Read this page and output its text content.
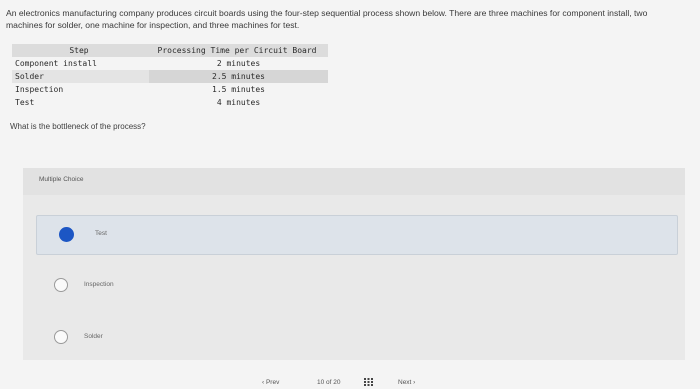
An electronics manufacturing company produces circuit boards using the four-step sequential process shown below. There are three machines for component install, two machines for solder, one machine for inspection, and three machines for test.
Step	Processing Time per Circuit Board
Component install	2 minutes
Solder	2.5 minutes
Inspection	1.5 minutes
Test	4 minutes
What is the bottleneck of the process?
Multiple Choice
Test
Inspection
Solder
‹ Prev	10 of 20	Next ›
